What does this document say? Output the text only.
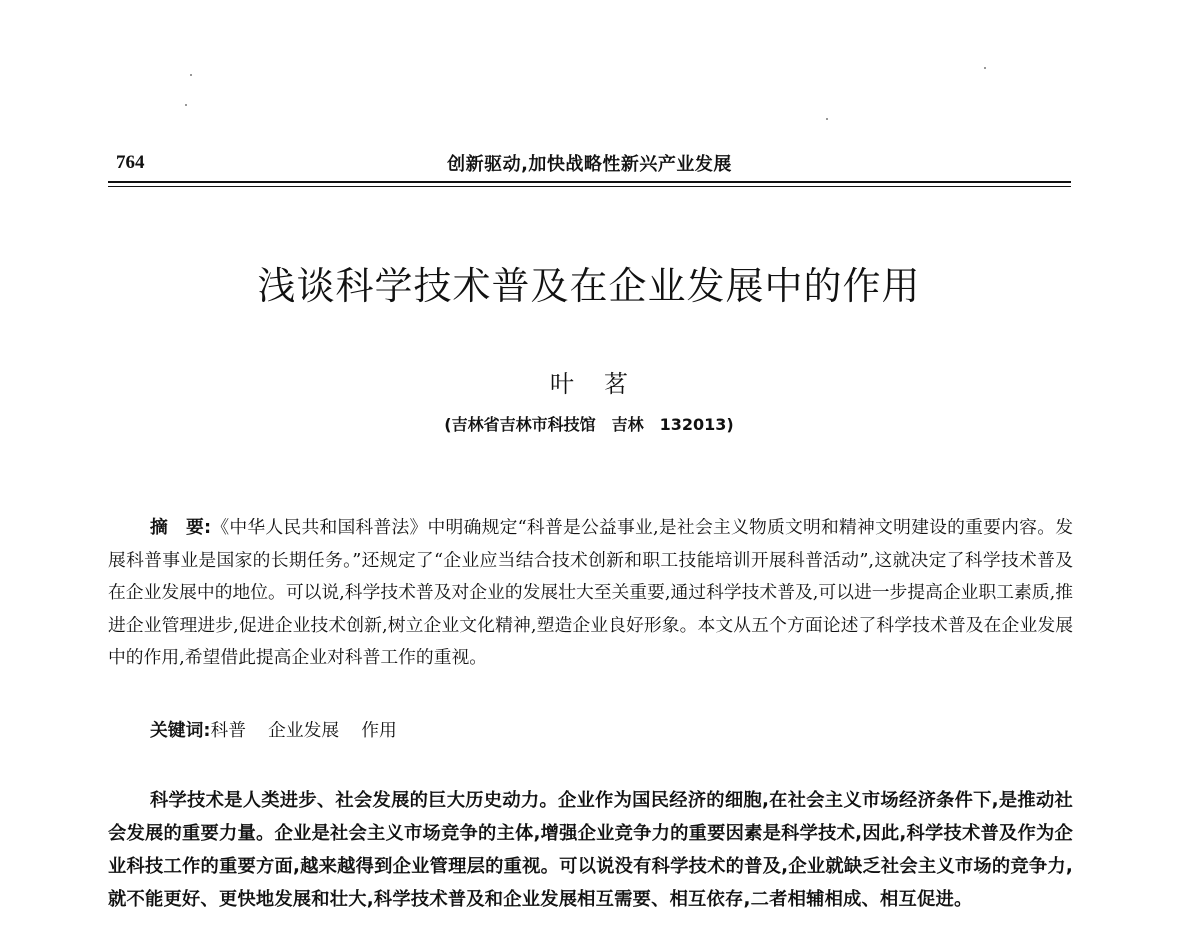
764	创新驱动,加快战略性新兴产业发展
浅谈科学技术普及在企业发展中的作用
叶茗
(吉林省吉林市科技馆　吉林　132013)

摘　要:《中华人民共和国科普法》中明确规定“科普是公益事业,是社会主义物质文明和精神文明建设的重要内容。发展科普事业是国家的长期任务。”还规定了“企业应当结合技术创新和职工技能培训开展科普活动”,这就决定了科学技术普及在企业发展中的地位。可以说,科学技术普及对企业的发展壮大至关重要,通过科学技术普及,可以进一步提高企业职工素质,推进企业管理进步,促进企业技术创新,树立企业文化精神,塑造企业良好形象。本文从五个方面论述了科学技术普及在企业发展中的作用,希望借此提高企业对科普工作的重视。

关键词:科普 企业发展 作用

科学技术是人类进步、社会发展的巨大历史动力。企业作为国民经济的细胞,在社会主义市场经济条件下,是推动社会发展的重要力量。企业是社会主义市场竞争的主体,增强企业竞争力的重要因素是科学技术,因此,科学技术普及作为企业科技工作的重要方面,越来越得到企业管理层的重视。可以说没有科学技术的普及,企业就缺乏社会主义市场的竞争力,就不能更好、更快地发展和壮大,科学技术普及和企业发展相互需要、相互依存,二者相辅相成、相互促进。
